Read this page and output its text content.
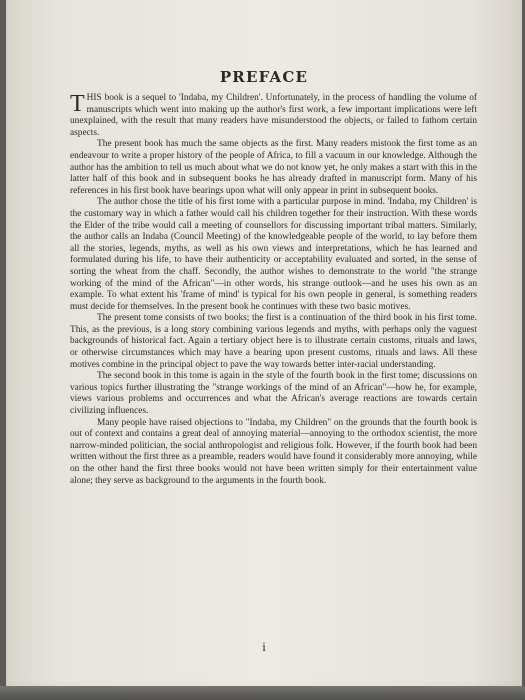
PREFACE

THIS book is a sequel to 'Indaba, my Children'. Unfortunately, in the process of handling the volume of manuscripts which went into making up the author's first work, a few important implications were left unexplained, with the result that many readers have misunderstood the objects, or failed to fathom certain aspects.

The present book has much the same objects as the first. Many readers mistook the first tome as an endeavour to write a proper history of the people of Africa, to fill a vacuum in our knowledge. Although the author has the ambition to tell us much about what we do not know yet, he only makes a start with this in the latter half of this book and in subsequent books he has already drafted in manuscript form. Many of his references in his first book have bearings upon what will only appear in print in subsequent books.

The author chose the title of his first tome with a particular purpose in mind. 'Indaba, my Children' is the customary way in which a father would call his children together for their instruction. With these words the Elder of the tribe would call a meeting of counsellors for discussing important tribal matters. Similarly, the author calls an Indaba (Council Meeting) of the knowledgeable people of the world, to lay before them all the stories, legends, myths, as well as his own views and interpretations, which he has learned and formulated during his life, to have their authenticity or acceptability evaluated and sorted, in the sense of sorting the wheat from the chaff. Secondly, the author wishes to demonstrate to the world "the strange working of the mind of the African"—in other words, his strange outlook—and he uses his own as an example. To what extent his 'frame of mind' is typical for his own people in general, is something readers must decide for themselves. In the present book he continues with these two basic motives.

The present tome consists of two books; the first is a continuation of the third book in his first tome. This, as the previous, is a long story combining various legends and myths, with perhaps only the vaguest backgrounds of historical fact. Again a tertiary object here is to illustrate certain customs, rituals and laws, or otherwise circumstances which may have a bearing upon present customs, rituals and laws. All these motives combine in the principal object to pave the way towards better inter-racial understanding.

The second book in this tome is again in the style of the fourth book in the first tome; discussions on various topics further illustrating the "strange workings of the mind of an African"—how he, for example, views various problems and occurrences and what the African's average reactions are towards certain civilizing influences.

Many people have raised objections to "Indaba, my Children" on the grounds that the fourth book is out of context and contains a great deal of annoying material—annoying to the orthodox scientist, the more narrow-minded politician, the social anthropologist and religious folk. However, if the fourth book had been written without the first three as a preamble, readers would have found it considerably more annoying, while on the other hand the first three books would not have been written simply for their entertainment value alone; they serve as background to the arguments in the fourth book.

i
